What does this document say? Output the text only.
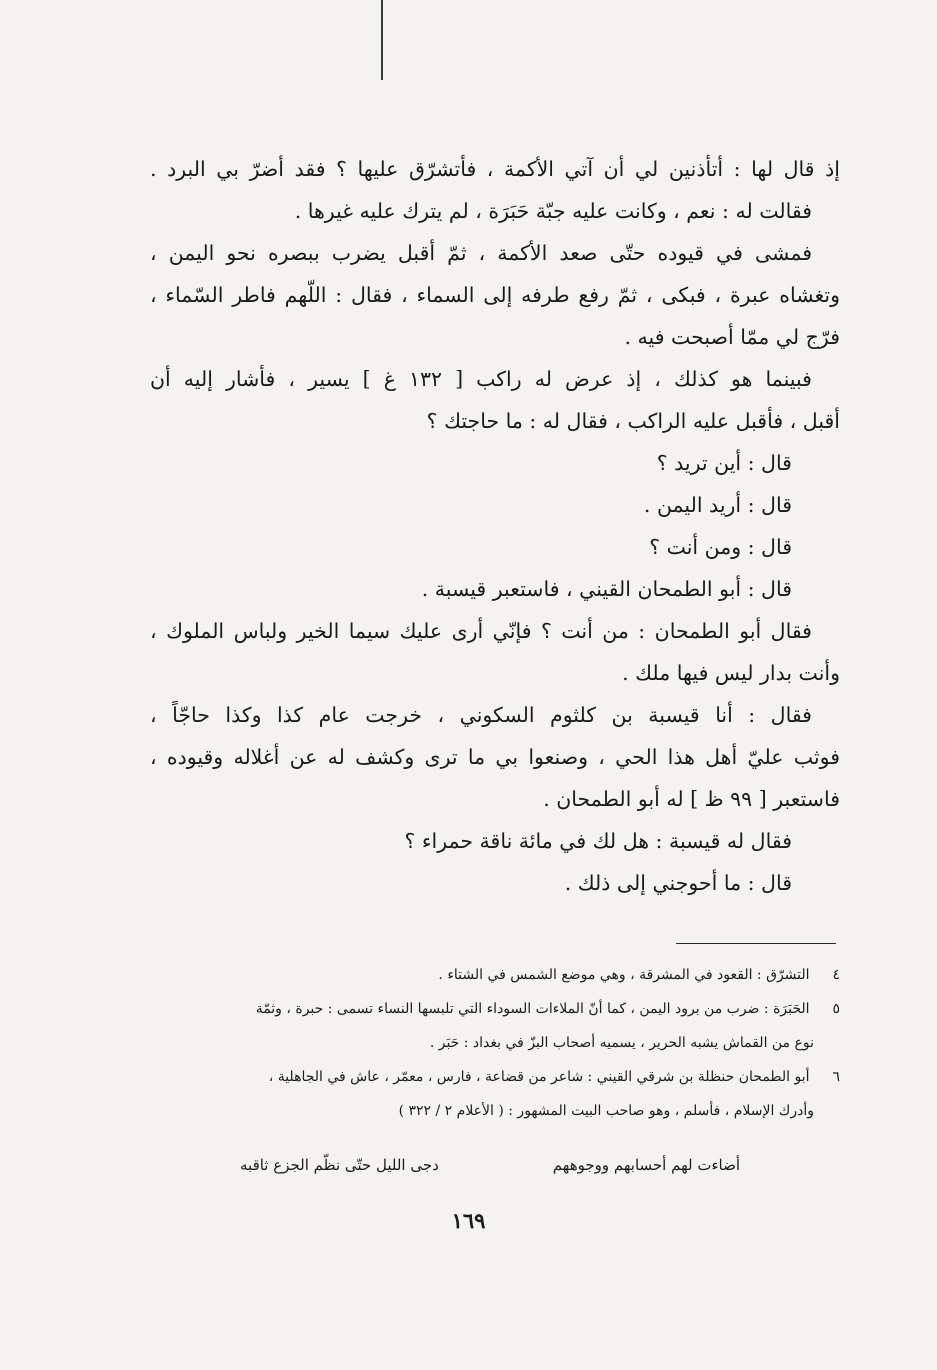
إذ قال لها : أتأذنين لي أن آتي الأكمة ، فأتشرّق عليها ؟ فقد أضرّ بي البرد .
فقالت له : نعم ، وكانت عليه جبّة حَبَرَة ، لم يترك عليه غيرها .
فمشى في قيوده حتّى صعد الأكمة ، ثمّ أقبل يضرب ببصره نحو اليمن ،
وتغشاه عبرة ، فبكى ، ثمّ رفع طرفه إلى السماء ، فقال : اللّهم فاطر السّماء ،
فرّج لي ممّا أصبحت فيه .
فبينما هو كذلك ، إذ عرض له راكب [ ١٣٢ غ ] يسير ، فأشار إليه أن
أقبل ، فأقبل عليه الراكب ، فقال له : ما حاجتك ؟
قال : أين تريد ؟
قال : أريد اليمن .
قال : ومن أنت ؟
قال : أبو الطمحان القيني ، فاستعبر قيسبة .
فقال أبو الطمحان : من أنت ؟ فإنّي أرى عليك سيما الخير ولباس الملوك ،
وأنت بدار ليس فيها ملك .
فقال : أنا قيسبة بن كلثوم السكوني ، خرجت عام كذا وكذا حاجّاً ،
فوثب عليّ أهل هذا الحي ، وصنعوا بي ما ترى وكشف له عن أغلاله وقيوده ،
فاستعبر [ ٩٩ ظ ] له أبو الطمحان .
فقال له قيسبة : هل لك في مائة ناقة حمراء ؟
قال : ما أحوجني إلى ذلك .
٤ التشرّق : القعود في المشرقة ، وهي موضع الشمس في الشتاء .
٥ الحَبَرَة : ضرب من برود اليمن ، كما أنّ الملاءات السوداء التي تلبسها النساء تسمى : حبرة ، وثمّة
نوع من القماش يشبه الحرير ، يسميه أصحاب البزّ في بغداد : حَبَر .
٦ أبو الطمحان حنظلة بن شرقي القيني : شاعر من قضاعة ، فارس ، معمّر ، عاش في الجاهلية ،
وأدرك الإسلام ، فأسلم ، وهو صاحب البيت المشهور : ( الأعلام ٢ / ٣٢٢ )
أضاءت لهم أحسابهم ووجوههم
دجى الليل حتّى نظّم الجزع ثاقبه
١٦٩
